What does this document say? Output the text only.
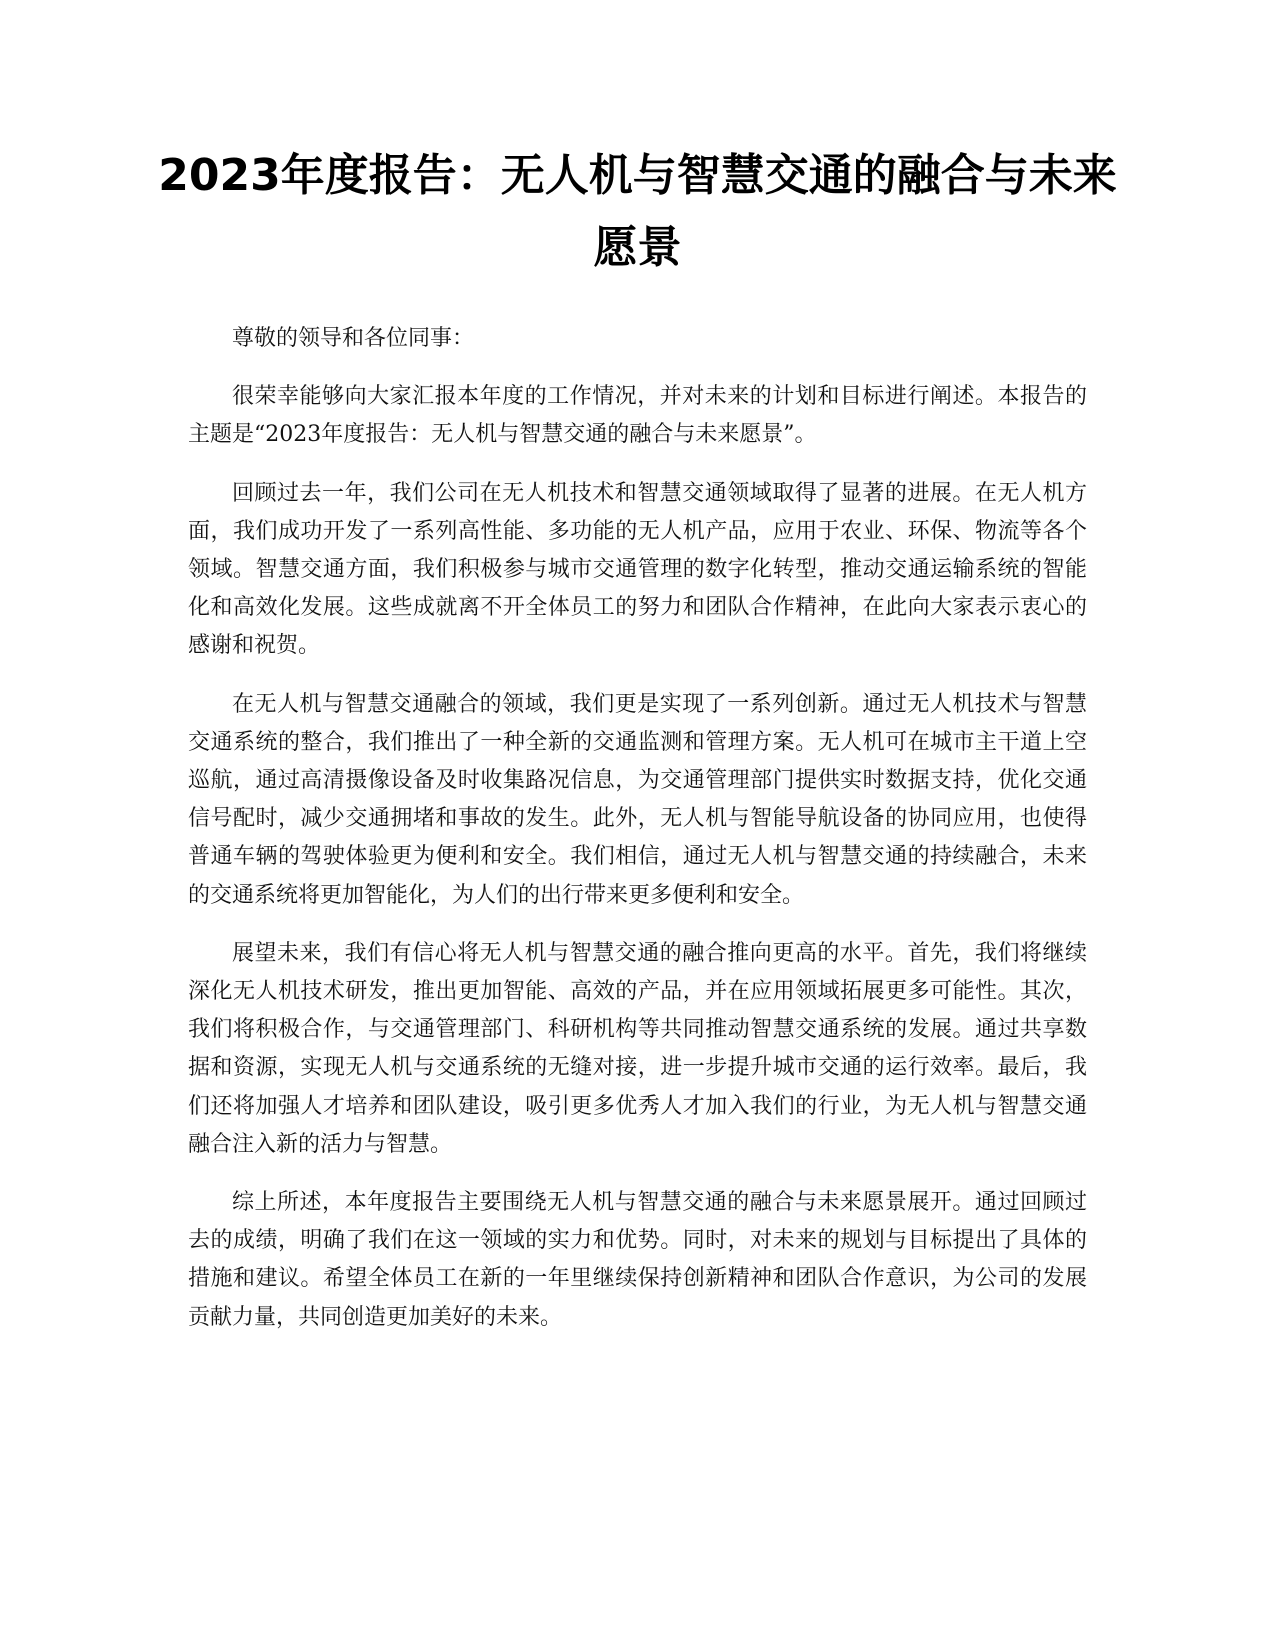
2023年度报告：无人机与智慧交通的融合与未来愿景

尊敬的领导和各位同事：

很荣幸能够向大家汇报本年度的工作情况，并对未来的计划和目标进行阐述。本报告的主题是“2023年度报告：无人机与智慧交通的融合与未来愿景”。

回顾过去一年，我们公司在无人机技术和智慧交通领域取得了显著的进展。在无人机方面，我们成功开发了一系列高性能、多功能的无人机产品，应用于农业、环保、物流等各个领域。智慧交通方面，我们积极参与城市交通管理的数字化转型，推动交通运输系统的智能化和高效化发展。这些成就离不开全体员工的努力和团队合作精神，在此向大家表示衷心的感谢和祝贺。

在无人机与智慧交通融合的领域，我们更是实现了一系列创新。通过无人机技术与智慧交通系统的整合，我们推出了一种全新的交通监测和管理方案。无人机可在城市主干道上空巡航，通过高清摄像设备及时收集路况信息，为交通管理部门提供实时数据支持，优化交通信号配时，减少交通拥堵和事故的发生。此外，无人机与智能导航设备的协同应用，也使得普通车辆的驾驶体验更为便利和安全。我们相信，通过无人机与智慧交通的持续融合，未来的交通系统将更加智能化，为人们的出行带来更多便利和安全。

展望未来，我们有信心将无人机与智慧交通的融合推向更高的水平。首先，我们将继续深化无人机技术研发，推出更加智能、高效的产品，并在应用领域拓展更多可能性。其次，我们将积极合作，与交通管理部门、科研机构等共同推动智慧交通系统的发展。通过共享数据和资源，实现无人机与交通系统的无缝对接，进一步提升城市交通的运行效率。最后，我们还将加强人才培养和团队建设，吸引更多优秀人才加入我们的行业，为无人机与智慧交通融合注入新的活力与智慧。

综上所述，本年度报告主要围绕无人机与智慧交通的融合与未来愿景展开。通过回顾过去的成绩，明确了我们在这一领域的实力和优势。同时，对未来的规划与目标提出了具体的措施和建议。希望全体员工在新的一年里继续保持创新精神和团队合作意识，为公司的发展贡献力量，共同创造更加美好的未来。
